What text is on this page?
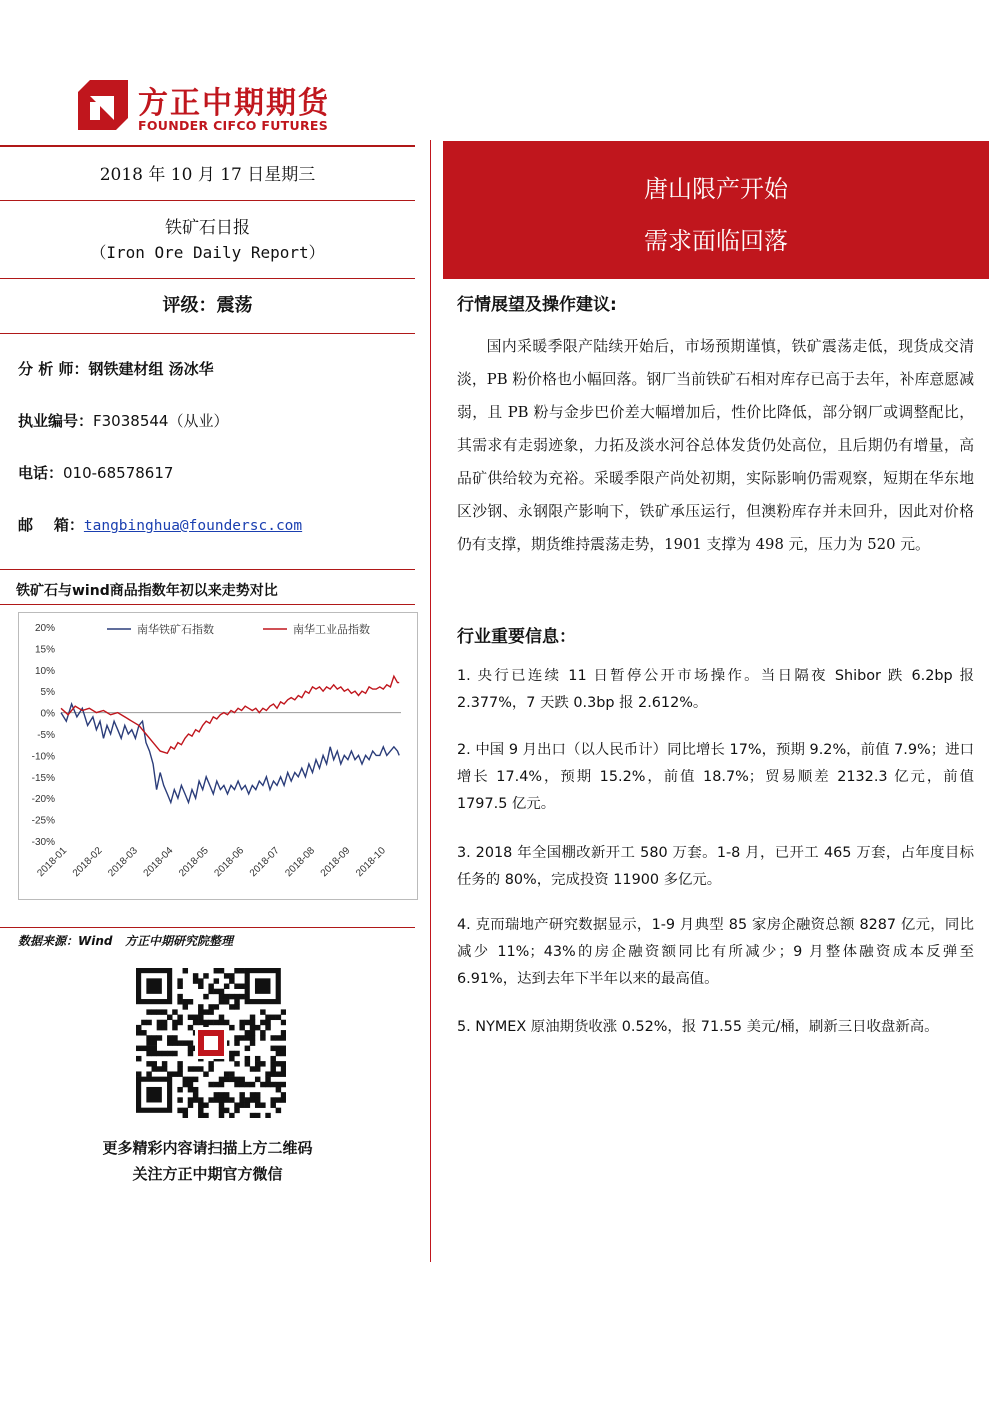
方正中期期货
FOUNDER CIFCO FUTURES
2018 年 10 月 17 日星期三
铁矿石日报
（Iron Ore Daily Report）
评级：震荡
分 析 师：钢铁建材组 汤冰华
执业编号：F3038544（从业）
电话：010-68578617
邮    箱：tangbinghua@foundersc.com
铁矿石与wind商品指数年初以来走势对比
20%
15%
10%
5%
0%
-5%
-10%
-15%
-20%
-25%
-30%
2018-01 2018-02 2018-03 2018-04 2018-05 2018-06 2018-07 2018-08 2018-09 2018-10
南华铁矿石指数	南华工业品指数
数据来源：Wind   方正中期研究院整理
更多精彩内容请扫描上方二维码
关注方正中期官方微信
唐山限产开始
需求面临回落
行情展望及操作建议:

国内采暖季限产陆续开始后，市场预期谨慎，铁矿震荡走低，现货成交清淡，PB 粉价格也小幅回落。钢厂当前铁矿石相对库存已高于去年，补库意愿减弱，且 PB 粉与金步巴价差大幅增加后，性价比降低，部分钢厂或调整配比，其需求有走弱迹象，力拓及淡水河谷总体发货仍处高位，且后期仍有增量，高品矿供给较为充裕。采暖季限产尚处初期，实际影响仍需观察，短期在华东地区沙钢、永钢限产影响下，铁矿承压运行，但澳粉库存并未回升，因此对价格仍有支撑，期货维持震荡走势，1901 支撑为 498 元，压力为 520 元。

行业重要信息：
1. 央行已连续 11 日暂停公开市场操作。当日隔夜 Shibor 跌 6.2bp 报 2.377%，7 天跌 0.3bp 报 2.612%。
2. 中国 9 月出口（以人民币计）同比增长 17%，预期 9.2%，前值 7.9%；进口增长 17.4%，预期 15.2%，前值 18.7%；贸易顺差 2132.3 亿元，前值 1797.5 亿元。
3. 2018 年全国棚改新开工 580 万套。1-8 月，已开工 465 万套，占年度目标任务的 80%，完成投资 11900 多亿元。
4. 克而瑞地产研究数据显示，1-9 月典型 85 家房企融资总额 8287 亿元，同比减少 11%；43%的房企融资额同比有所减少；9 月整体融资成本反弹至 6.91%，达到去年下半年以来的最高值。
5. NYMEX 原油期货收涨 0.52%，报 71.55 美元/桶，刷新三日收盘新高。
